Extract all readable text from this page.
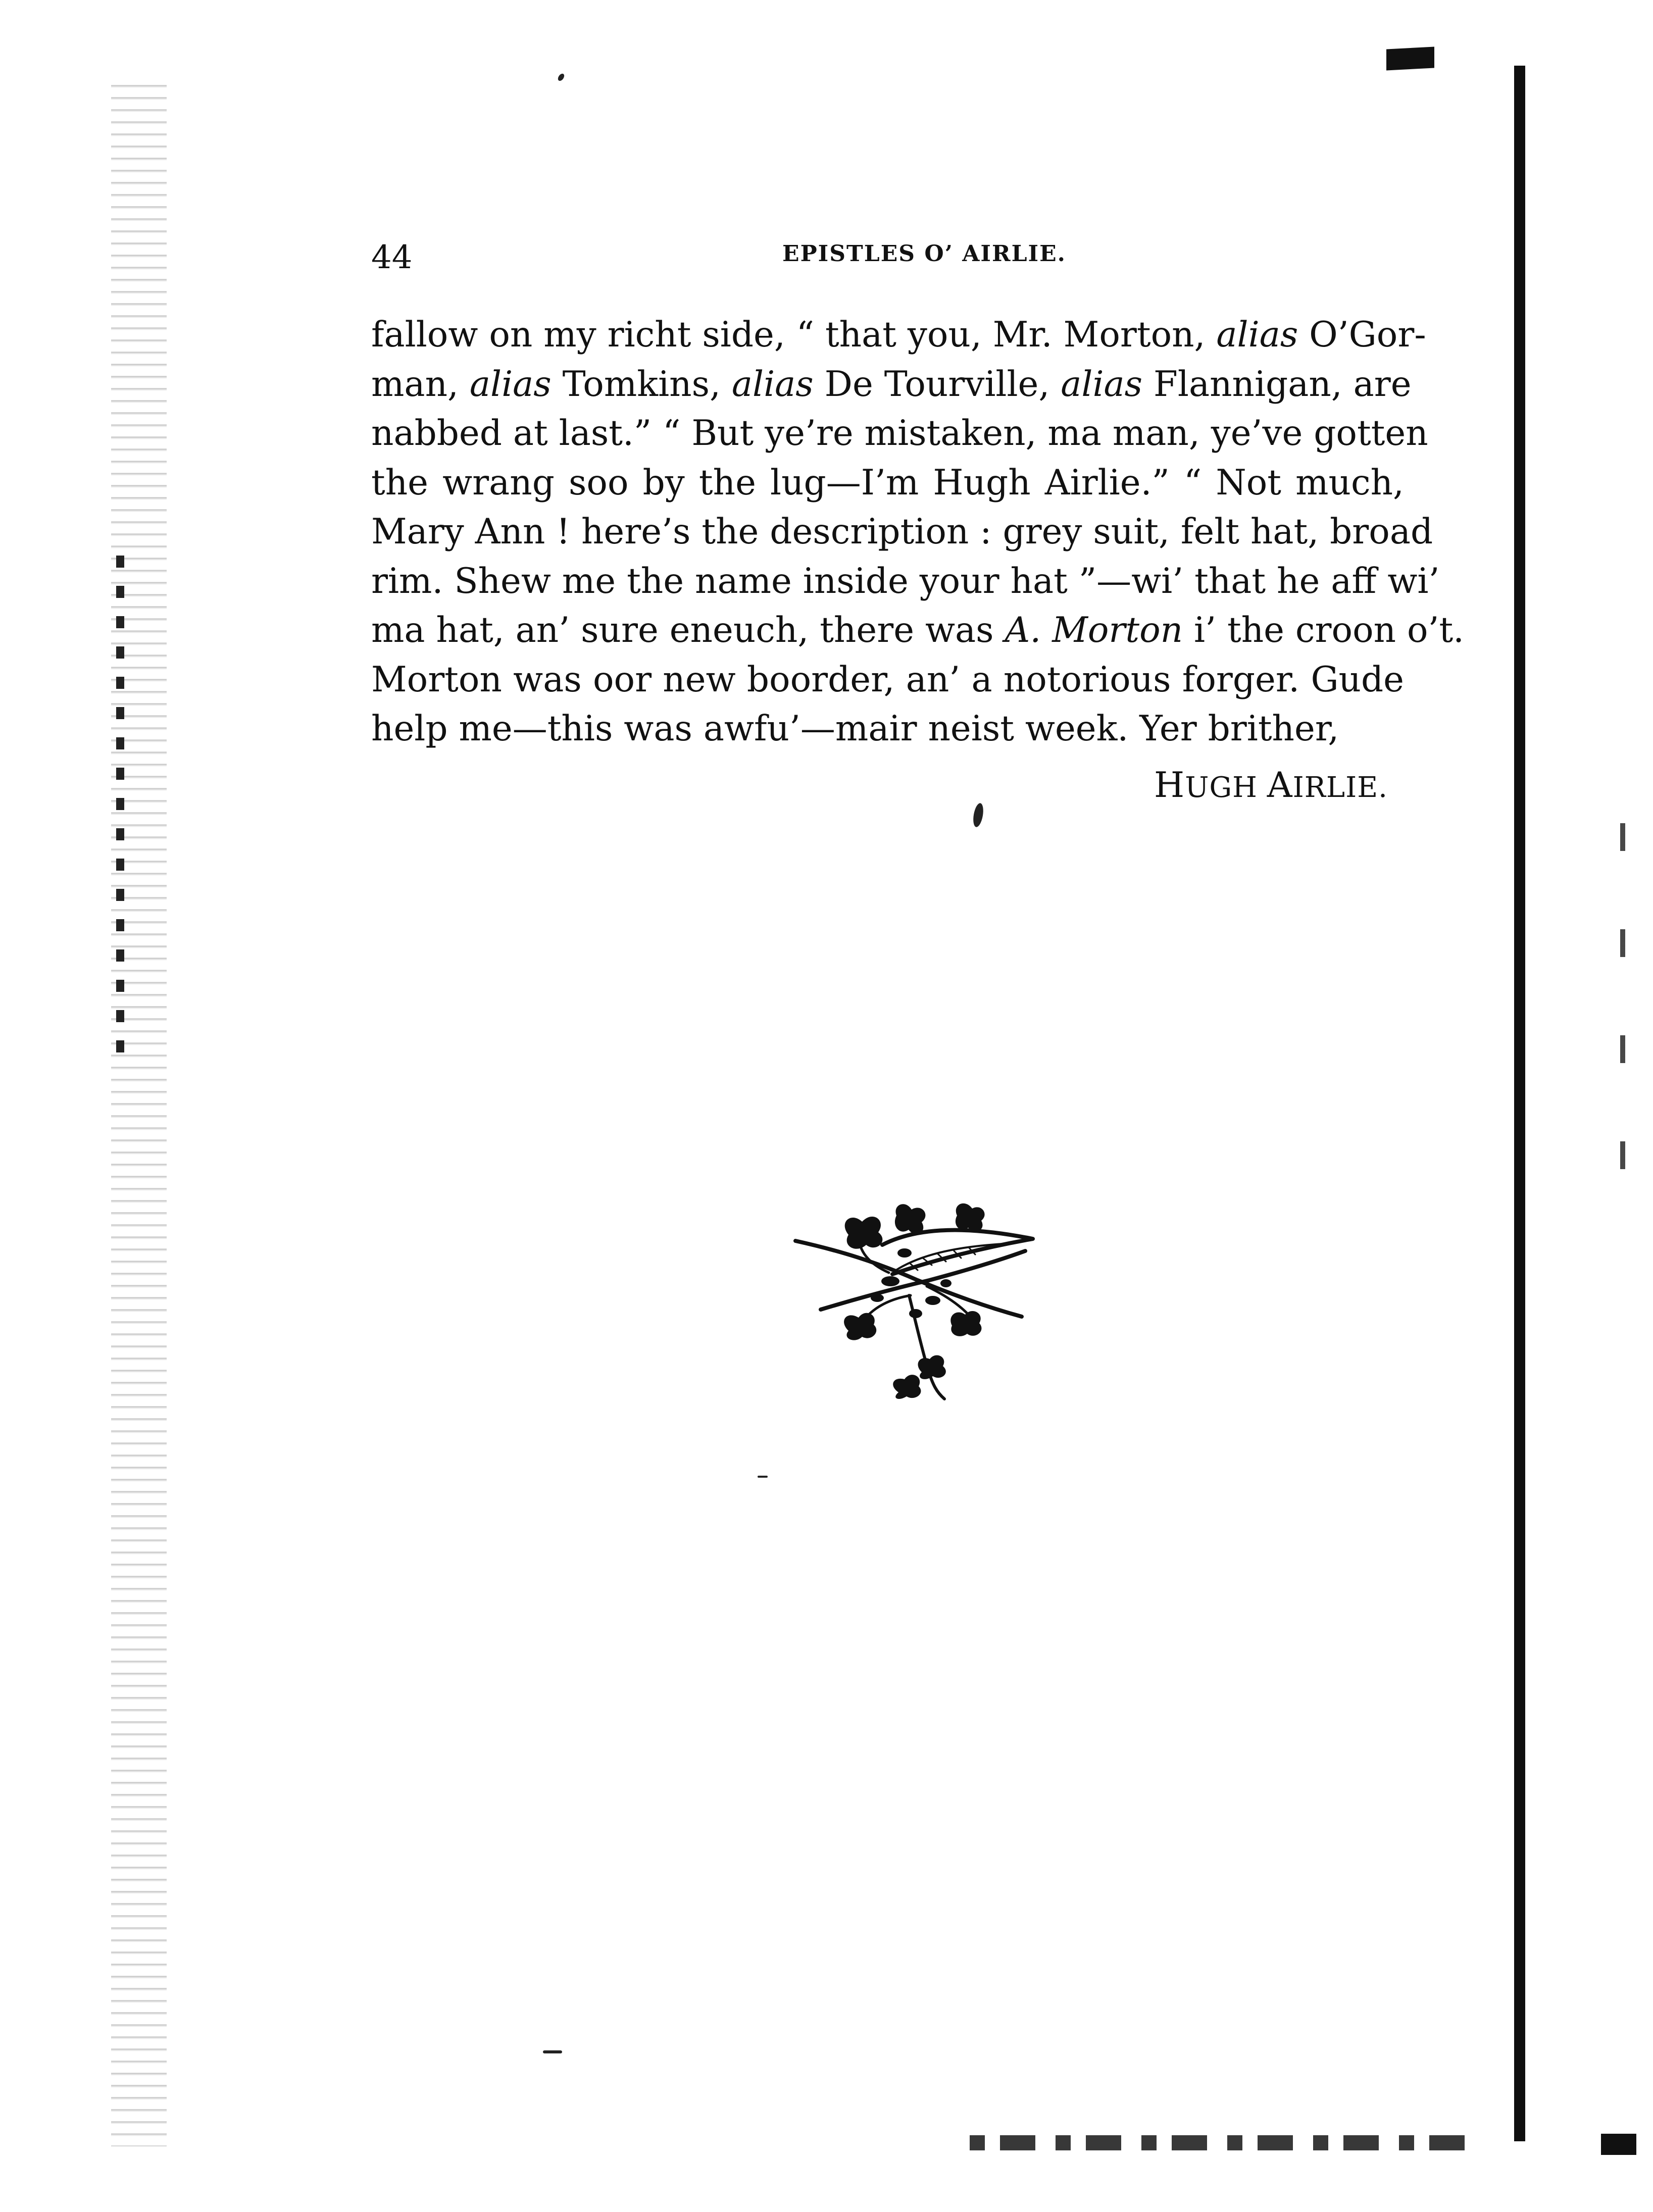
44	EPISTLES O’ AIRLIE.
fallow on my richt side, “ that you, Mr. Morton, alias O’Gor-
man, alias Tomkins, alias De Tourville, alias Flannigan, are
nabbed at last.” “ But ye’re mistaken, ma man, ye’ve gotten
the wrang soo by the lug—I’m Hugh Airlie.” “ Not much,
Mary Ann ! here’s the description : grey suit, felt hat, broad
rim. Shew me the name inside your hat ”—wi’ that he aff wi’
ma hat, an’ sure eneuch, there was A. Morton i’ the croon o’t.
Morton was oor new boorder, an’ a notorious forger. Gude
help me—this was awfu’—mair neist week. Yer brither,
HUGH AIRLIE.
